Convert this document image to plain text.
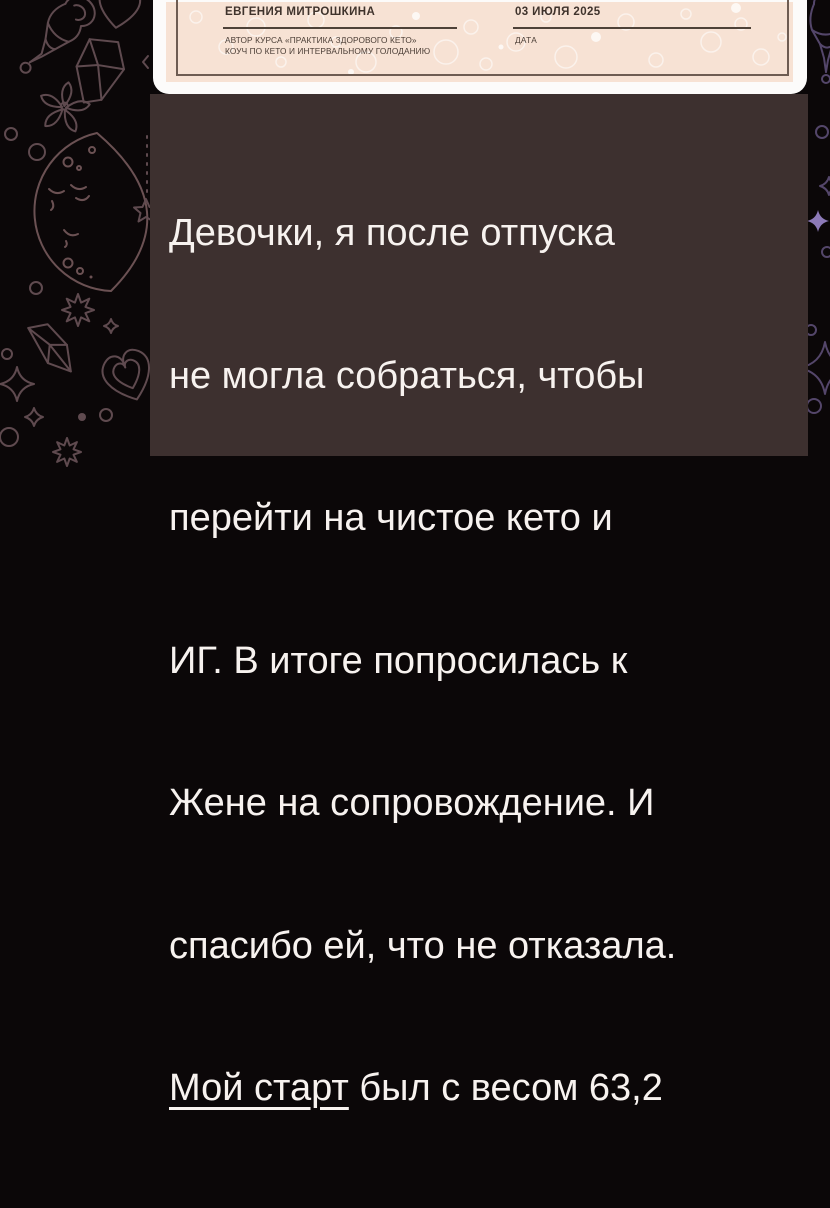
ЕВГЕНИЯ МИТРОШКИНА
АВТОР КУРСА «ПРАКТИКА ЗДОРОВОГО КЕТО»
КОУЧ ПО КЕТО И ИНТЕРВАЛЬНОМУ ГОЛОДАНИЮ
03 ИЮЛЯ 2025
ДАТА

Девочки, я после отпуска

не могла собраться, чтобы

перейти на чистое кето и

ИГ. В итоге попросилась к

Жене на сопровождение. И

спасибо ей, что не отказала.

Мой старт был с весом 63,2
